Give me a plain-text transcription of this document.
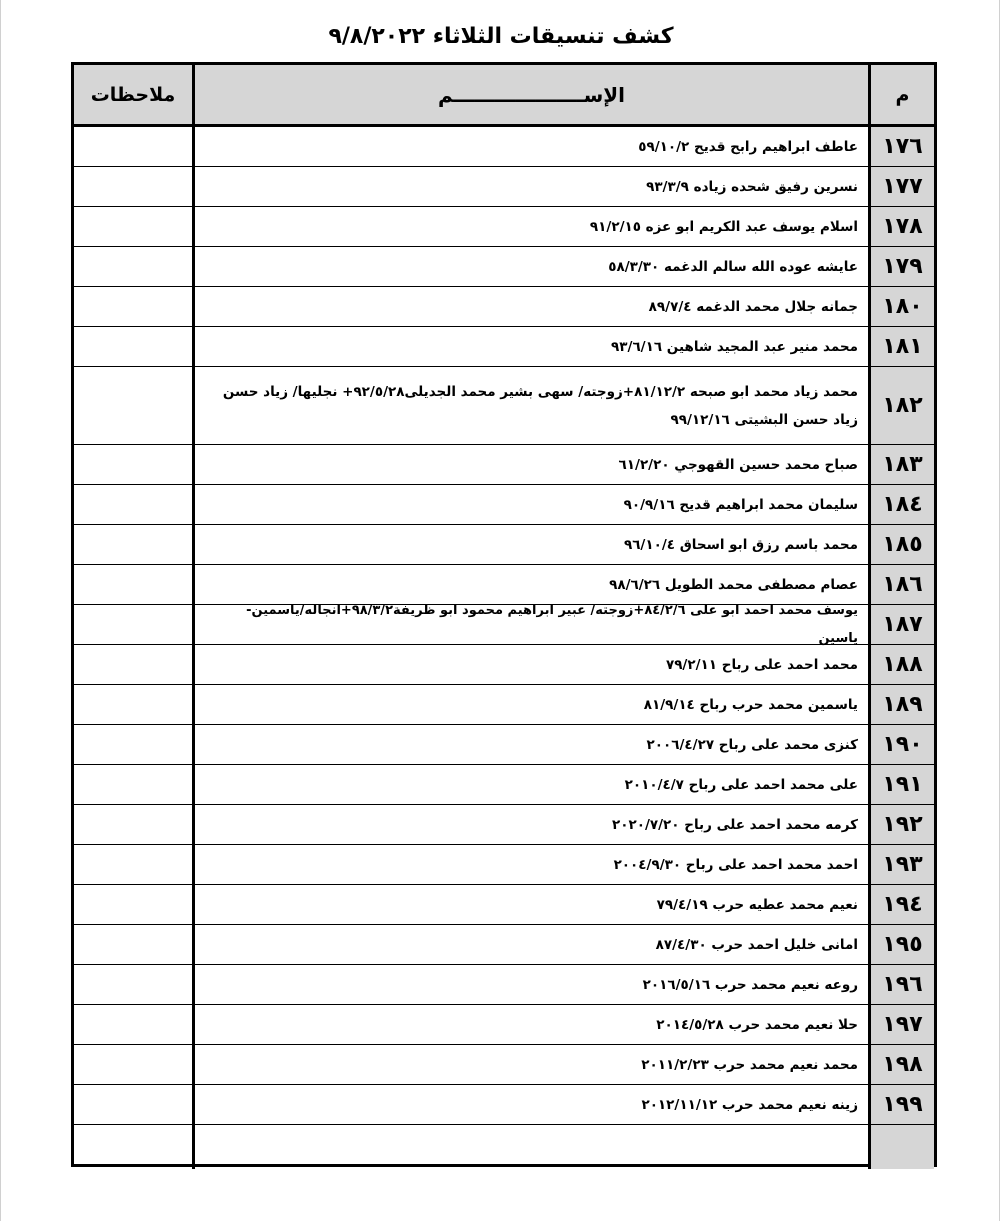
كشف تنسيقات الثلاثاء ٩/٨/٢٠٢٢
م
الإســـــــــــــــــــم
ملاحظات
١٧٦
عاطف ابراهيم رابح قديح ٥٩/١٠/٢
١٧٧
نسرين رفيق شحده زياده ٩٣/٣/٩
١٧٨
اسلام يوسف عبد الكريم ابو عزه ٩١/٢/١٥
١٧٩
عايشه عوده الله سالم الدغمه ٥٨/٣/٣٠
١٨٠
جمانه جلال محمد الدغمه ٨٩/٧/٤
١٨١
محمد منير عبد المجيد شاهين ٩٣/٦/١٦
١٨٢
محمد زياد محمد ابو صبحه ٨١/١٢/٢+زوجته/ سهى بشير محمد الجديلى٩٢/٥/٢٨+ نجليها/ زياد حسن زياد حسن البشيتى ٩٩/١٢/١٦
١٨٣
صباح محمد حسين القهوجي ٦١/٢/٢٠
١٨٤
سليمان محمد ابراهيم قديح ٩٠/٩/١٦
١٨٥
محمد باسم رزق ابو اسحاق ٩٦/١٠/٤
١٨٦
عصام مصطفى محمد الطويل ٩٨/٦/٢٦
١٨٧
يوسف محمد احمد ابو على ٨٤/٢/٦+زوجته/ عبير ابراهيم محمود ابو ظريفة٩٨/٣/٢+انجاله/ياسمين- ياسين
١٨٨
محمد احمد على رباح ٧٩/٢/١١
١٨٩
ياسمين محمد حرب رباح ٨١/٩/١٤
١٩٠
كنزى محمد على رباح ٢٠٠٦/٤/٢٧
١٩١
على محمد احمد على رباح ٢٠١٠/٤/٧
١٩٢
كرمه محمد احمد على رباح ٢٠٢٠/٧/٢٠
١٩٣
احمد محمد احمد على رباح ٢٠٠٤/٩/٣٠
١٩٤
نعيم محمد عطيه حرب ٧٩/٤/١٩
١٩٥
امانى خليل احمد حرب ٨٧/٤/٣٠
١٩٦
روعه نعيم محمد حرب ٢٠١٦/٥/١٦
١٩٧
حلا نعيم محمد حرب ٢٠١٤/٥/٢٨
١٩٨
محمد نعيم محمد حرب ٢٠١١/٢/٢٣
١٩٩
زينه نعيم محمد حرب ٢٠١٢/١١/١٢
